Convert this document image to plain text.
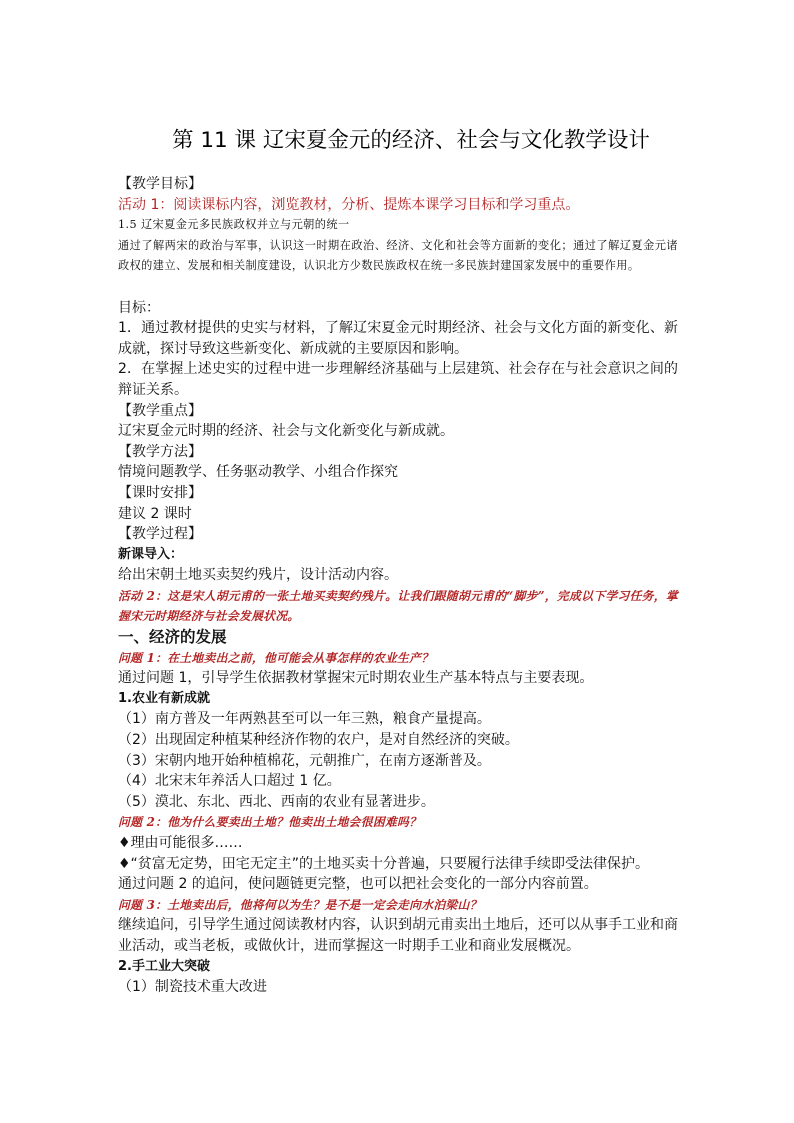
第 11 课 辽宋夏金元的经济、社会与文化教学设计
【教学目标】
活动 1：阅读课标内容，浏览教材，分析、提炼本课学习目标和学习重点。
1.5 辽宋夏金元多民族政权并立与元朝的统一
通过了解两宋的政治与军事，认识这一时期在政治、经济、文化和社会等方面新的变化；通过了解辽夏金元诸政权的建立、发展和相关制度建设，认识北方少数民族政权在统一多民族封建国家发展中的重要作用。
目标：
1．通过教材提供的史实与材料，了解辽宋夏金元时期经济、社会与文化方面的新变化、新成就，探讨导致这些新变化、新成就的主要原因和影响。
2．在掌握上述史实的过程中进一步理解经济基础与上层建筑、社会存在与社会意识之间的辩证关系。
【教学重点】
辽宋夏金元时期的经济、社会与文化新变化与新成就。
【教学方法】
情境问题教学、任务驱动教学、小组合作探究
【课时安排】
建议 2 课时
【教学过程】
新课导入：
给出宋朝土地买卖契约残片，设计活动内容。
活动 2：这是宋人胡元甫的一张土地买卖契约残片。让我们跟随胡元甫的“脚步”，完成以下学习任务，掌握宋元时期经济与社会发展状况。
一、经济的发展
问题 1：在土地卖出之前，他可能会从事怎样的农业生产？
通过问题 1，引导学生依据教材掌握宋元时期农业生产基本特点与主要表现。
1.农业有新成就
（1）南方普及一年两熟甚至可以一年三熟，粮食产量提高。
（2）出现固定种植某种经济作物的农户，是对自然经济的突破。
（3）宋朝内地开始种植棉花，元朝推广，在南方逐渐普及。
（4）北宋末年养活人口超过 1 亿。
（5）漠北、东北、西北、西南的农业有显著进步。
问题 2：他为什么要卖出土地？他卖出土地会很困难吗？
♦理由可能很多……
♦“贫富无定势，田宅无定主”的土地买卖十分普遍，只要履行法律手续即受法律保护。
通过问题 2 的追问，使问题链更完整，也可以把社会变化的一部分内容前置。
问题 3：土地卖出后，他将何以为生？是不是一定会走向水泊梁山？
继续追问，引导学生通过阅读教材内容，认识到胡元甫卖出土地后，还可以从事手工业和商业活动，或当老板，或做伙计，进而掌握这一时期手工业和商业发展概况。
2.手工业大突破
（1）制瓷技术重大改进
